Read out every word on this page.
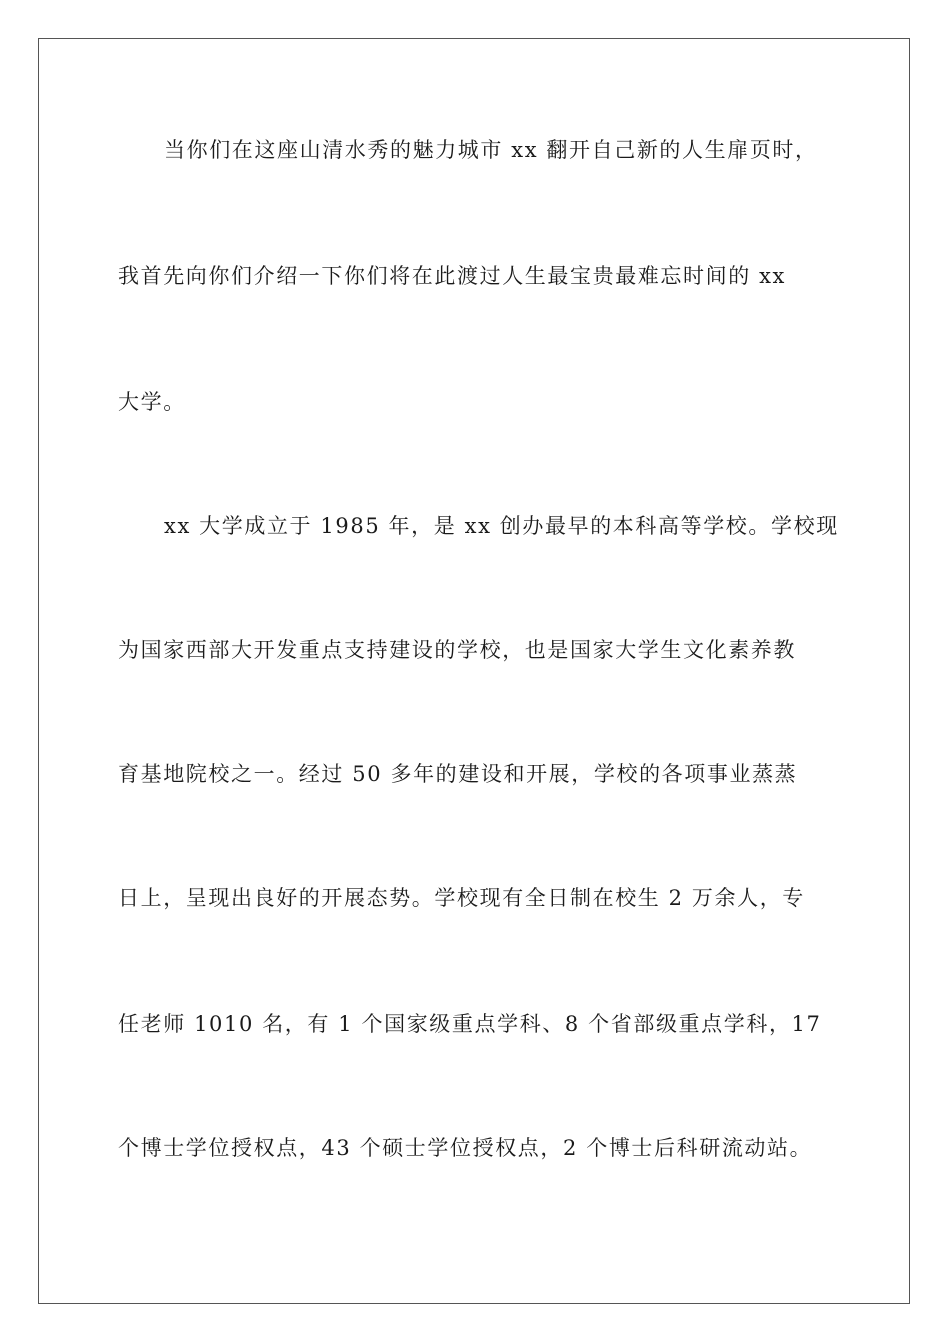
当你们在这座山清水秀的魅力城市 xx 翻开自己新的人生扉页时，
我首先向你们介绍一下你们将在此渡过人生最宝贵最难忘时间的 xx
大学。
xx 大学成立于 1985 年，是 xx 创办最早的本科高等学校。学校现
为国家西部大开发重点支持建设的学校，也是国家大学生文化素养教
育基地院校之一。经过 50 多年的建设和开展，学校的各项事业蒸蒸
日上，呈现出良好的开展态势。学校现有全日制在校生 2 万余人，专
任老师 1010 名，有 1 个国家级重点学科、8 个省部级重点学科，17
个博士学位授权点，43 个硕士学位授权点，2 个博士后科研流动站。
